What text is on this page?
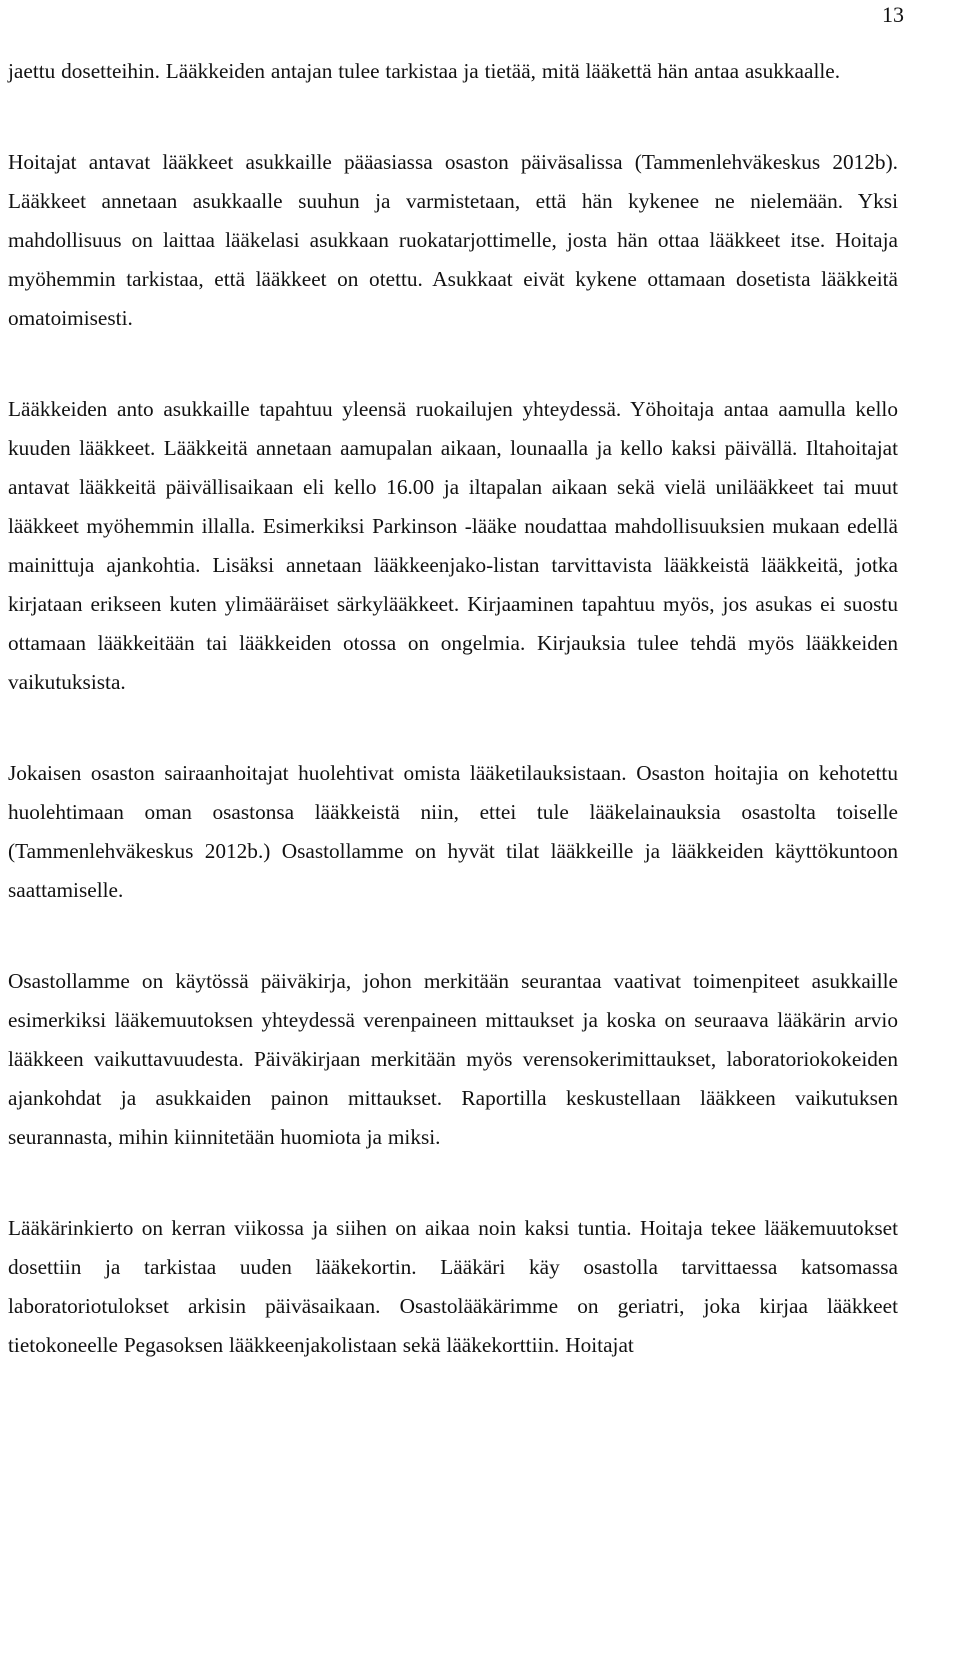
13

jaettu dosetteihin. Lääkkeiden antajan tulee tarkistaa ja tietää, mitä lääkettä hän antaa asukkaalle.

Hoitajat antavat lääkkeet asukkaille pääasiassa osaston päiväsalissa (Tammenlehväkeskus 2012b). Lääkkeet annetaan asukkaalle suuhun ja varmistetaan, että hän kykenee ne nielemään. Yksi mahdollisuus on laittaa lääkelasi asukkaan ruokatarjottimelle, josta hän ottaa lääkkeet itse. Hoitaja myöhemmin tarkistaa, että lääkkeet on otettu. Asukkaat eivät kykene ottamaan dosetista lääkkeitä omatoimisesti.

Lääkkeiden anto asukkaille tapahtuu yleensä ruokailujen yhteydessä. Yöhoitaja antaa aamulla kello kuuden lääkkeet. Lääkkeitä annetaan aamupalan aikaan, lounaalla ja kello kaksi päivällä. Iltahoitajat antavat lääkkeitä päivällisaikaan eli kello 16.00 ja iltapalan aikaan sekä vielä unilääkkeet tai muut lääkkeet myöhemmin illalla. Esimerkiksi Parkinson -lääke noudattaa mahdollisuuksien mukaan edellä mainittuja ajankohtia. Lisäksi annetaan lääkkeenjako-listan tarvittavista lääkkeistä lääkkeitä, jotka kirjataan erikseen kuten ylimääräiset särkylääkkeet. Kirjaaminen tapahtuu myös, jos asukas ei suostu ottamaan lääkkeitään tai lääkkeiden otossa on ongelmia. Kirjauksia tulee tehdä myös lääkkeiden vaikutuksista.

Jokaisen osaston sairaanhoitajat huolehtivat omista lääketilauksistaan. Osaston hoitajia on kehotettu huolehtimaan oman osastonsa lääkkeistä niin, ettei tule lääkelainauksia osastolta toiselle (Tammenlehväkeskus 2012b.) Osastollamme on hyvät tilat lääkkeille ja lääkkeiden käyttökuntoon saattamiselle.

Osastollamme on käytössä päiväkirja, johon merkitään seurantaa vaativat toimenpiteet asukkaille esimerkiksi lääkemuutoksen yhteydessä verenpaineen mittaukset ja koska on seuraava lääkärin arvio lääkkeen vaikuttavuudesta. Päiväkirjaan merkitään myös verensokerimittaukset, laboratoriokokeiden ajankohdat ja asukkaiden painon mittaukset. Raportilla keskustellaan lääkkeen vaikutuksen seurannasta, mihin kiinnitetään huomiota ja miksi.

Lääkärinkierto on kerran viikossa ja siihen on aikaa noin kaksi tuntia. Hoitaja tekee lääkemuutokset dosettiin ja tarkistaa uuden lääkekortin. Lääkäri käy osastolla tarvittaessa katsomassa laboratoriotulokset arkisin päiväsaikaan. Osastolääkärimme on geriatri, joka kirjaa lääkkeet tietokoneelle Pegasoksen lääkkeenjakolistaan sekä lääkekorttiin. Hoitajat
